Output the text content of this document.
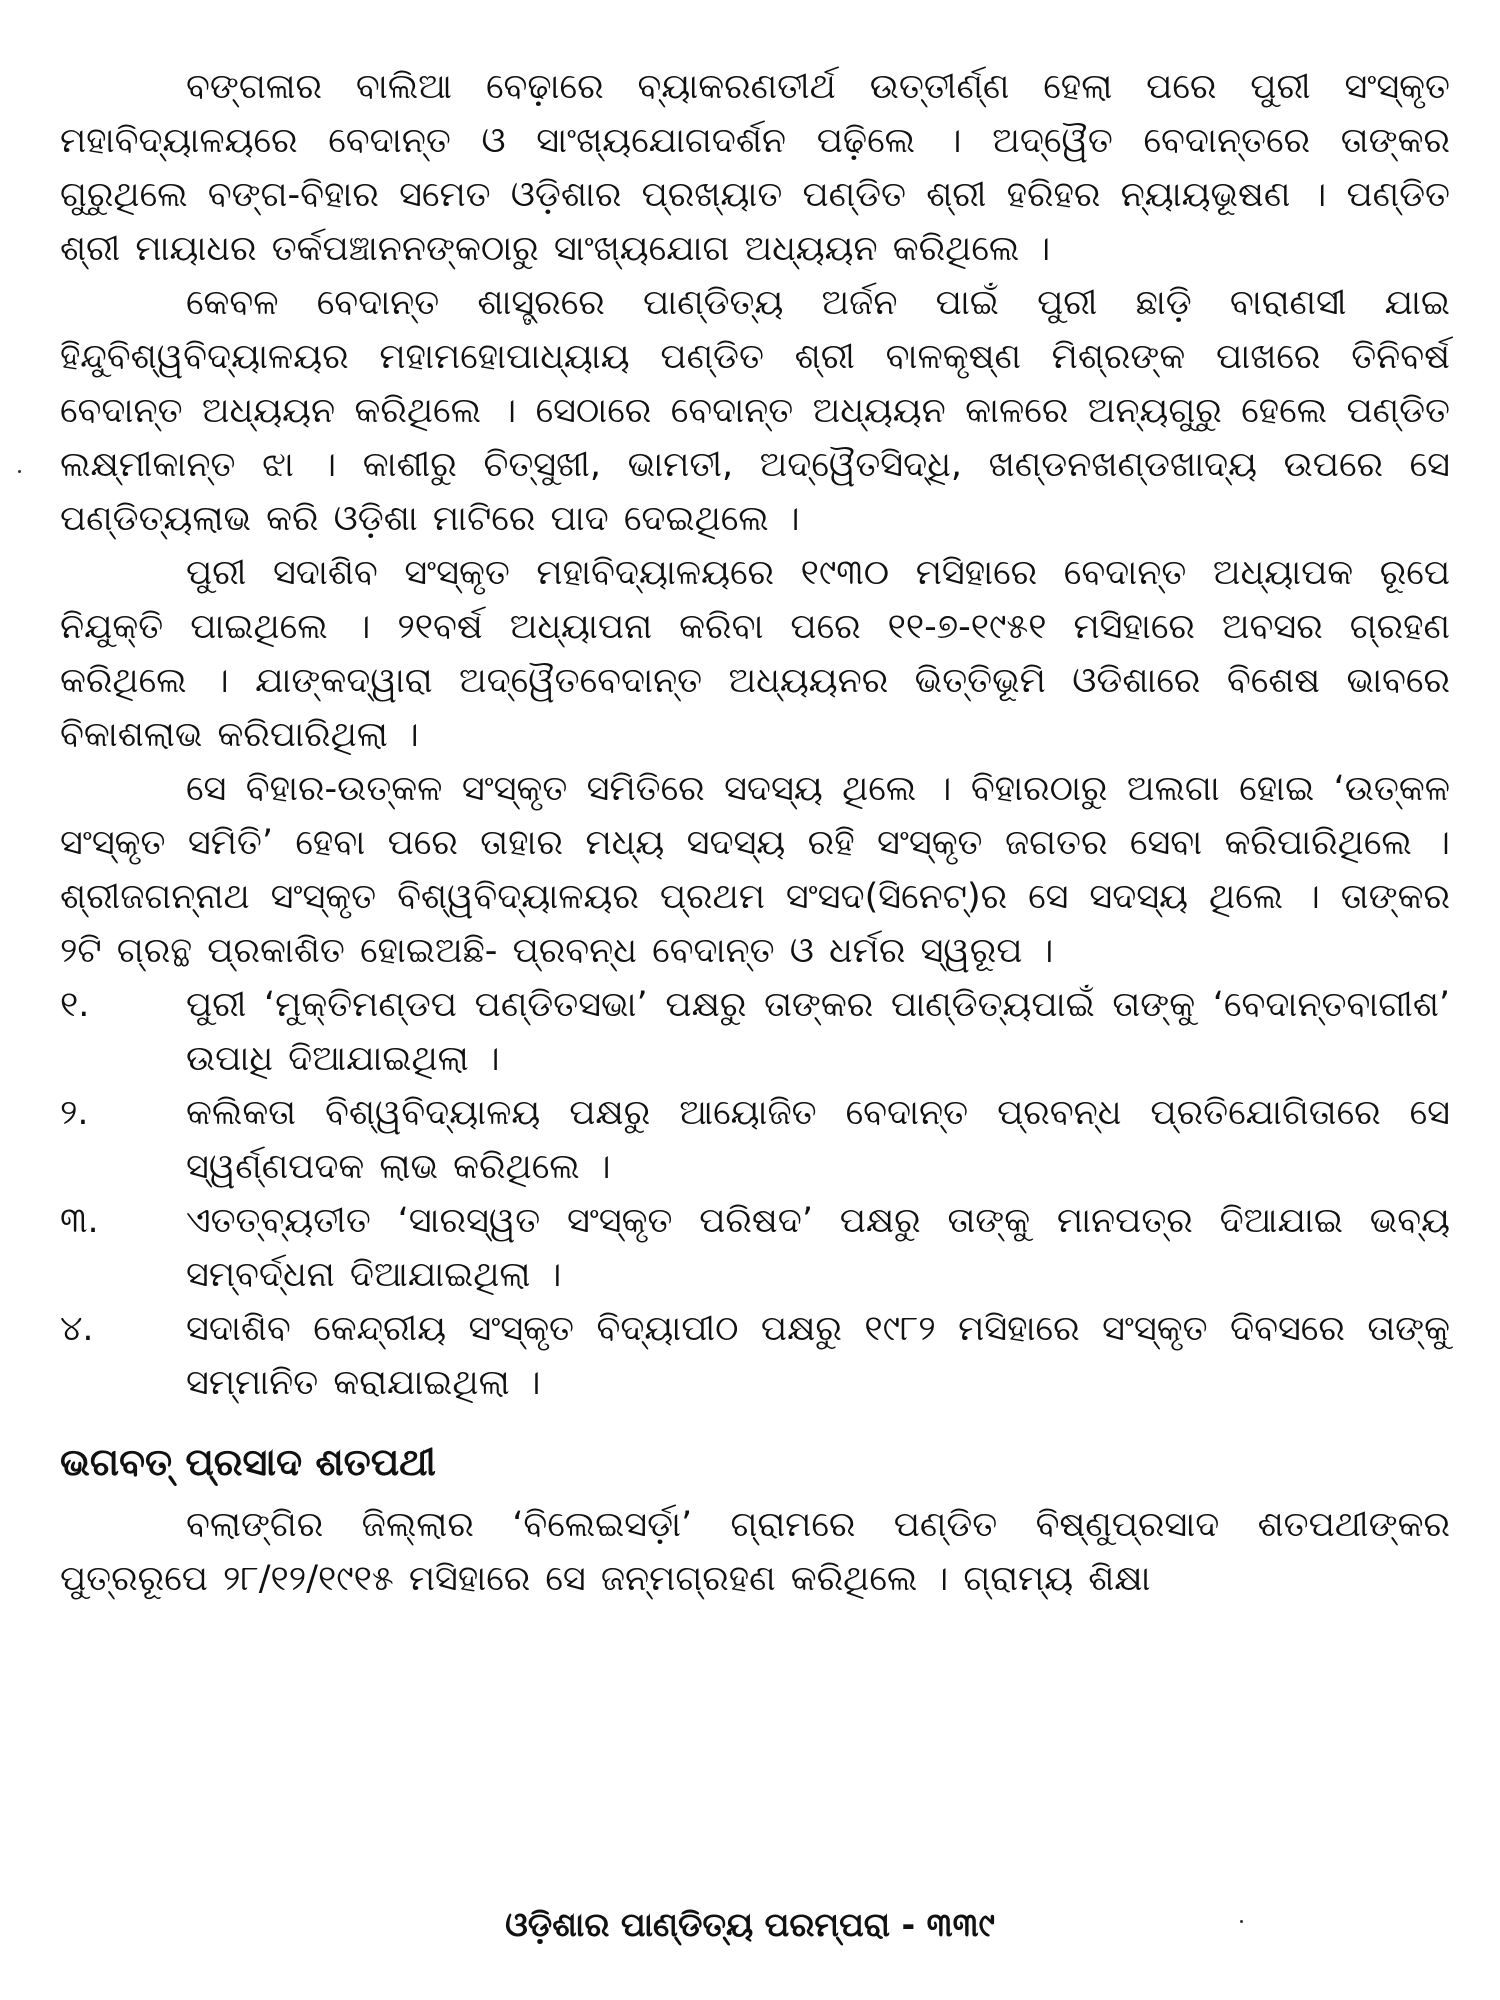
ବଙ୍ଗଳାର ବାଲିଆ ବେଢ଼ାରେ ବ୍ୟାକରଣତୀର୍ଥ ଉତ୍ତୀର୍ଣ୍ଣ ହେଲା ପରେ ପୁରୀ ସଂସ୍କୃତ ମହାବିଦ୍ୟାଳୟରେ ବେଦାନ୍ତ ଓ ସାଂଖ୍ୟଯୋଗଦର୍ଶନ ପଢ଼ିଲେ । ଅଦ୍ୱୈତ ବେଦାନ୍ତରେ ତାଙ୍କର ଗୁରୁଥିଲେ ବଙ୍ଗ-ବିହାର ସମେତ ଓଡ଼ିଶାର ପ୍ରଖ୍ୟାତ ପଣ୍ଡିତ ଶ୍ରୀ ହରିହର ନ୍ୟାୟଭୂଷଣ । ପଣ୍ଡିତ ଶ୍ରୀ ମାୟାଧର ତର୍କପଞ୍ଚାନନଙ୍କଠାରୁ ସାଂଖ୍ୟଯୋଗ ଅଧ୍ୟୟନ କରିଥିଲେ ।

କେବଳ ବେଦାନ୍ତ ଶାସ୍ତ୍ରରେ ପାଣ୍ଡିତ୍ୟ ଅର୍ଜନ ପାଇଁ ପୁରୀ ଛାଡ଼ି ବାରାଣସୀ ଯାଇ ହିନ୍ଦୁବିଶ୍ୱବିଦ୍ୟାଳୟର ମହାମହୋପାଧ୍ୟାୟ ପଣ୍ଡିତ ଶ୍ରୀ ବାଳକୃଷ୍ଣ ମିଶ୍ରଙ୍କ ପାଖରେ ତିନିବର୍ଷ ବେଦାନ୍ତ ଅଧ୍ୟୟନ କରିଥିଲେ । ସେଠାରେ ବେଦାନ୍ତ ଅଧ୍ୟୟନ କାଳରେ ଅନ୍ୟଗୁରୁ ହେଲେ ପଣ୍ଡିତ ଲକ୍ଷ୍ମୀକାନ୍ତ ଝା । କାଶୀରୁ ଚିତ୍‌ସୁଖୀ, ଭାମତୀ, ଅଦ୍ୱୈତସିଦ୍ଧି, ଖଣ୍ଡନଖଣ୍ଡଖାଦ୍ୟ ଉପରେ ସେ ପଣ୍ଡିତ୍ୟଲାଭ କରି ଓଡ଼ିଶା ମାଟିରେ ପାଦ ଦେଇଥିଲେ ।

ପୁରୀ ସଦାଶିବ ସଂସ୍କୃତ ମହାବିଦ୍ୟାଳୟରେ ୧୯୩୦ ମସିହାରେ ବେଦାନ୍ତ ଅଧ୍ୟାପକ ରୂପେ ନିଯୁକ୍ତି ପାଇଥିଲେ । ୨୧ବର୍ଷ ଅଧ୍ୟାପନା କରିବା ପରେ ୧୧-୭-୧୯୫୧ ମସିହାରେ ଅବସର ଗ୍ରହଣ କରିଥିଲେ । ଯାଙ୍କଦ୍ୱାରା ଅଦ୍ୱୈତବେଦାନ୍ତ ଅଧ୍ୟୟନର ଭିତ୍ତିଭୂମି ଓଡିଶାରେ ବିଶେଷ ଭାବରେ ବିକାଶଲାଭ କରିପାରିଥିଲା ।

ସେ ବିହାର-ଉତ୍କଳ ସଂସ୍କୃତ ସମିତିରେ ସଦସ୍ୟ ଥିଲେ । ବିହାରଠାରୁ ଅଲଗା ହୋଇ ‘ଉତ୍କଳ ସଂସ୍କୃତ ସମିତି’ ହେବା ପରେ ତାହାର ମଧ୍ୟ ସଦସ୍ୟ ରହି ସଂସ୍କୃତ ଜଗତର ସେବା କରିପାରିଥିଲେ । ଶ୍ରୀଜଗନ୍ନାଥ ସଂସ୍କୃତ ବିଶ୍ୱବିଦ୍ୟାଳୟର ପ୍ରଥମ ସଂସଦ(ସିନେଟ୍)ର ସେ ସଦସ୍ୟ ଥିଲେ । ତାଙ୍କର ୨ଟି ଗ୍ରନ୍ଥ ପ୍ରକାଶିତ ହୋଇଅଛି- ପ୍ରବନ୍ଧ ବେଦାନ୍ତ ଓ ଧର୍ମର ସ୍ୱରୂପ ।

୧.	ପୁରୀ ‘ମୁକ୍ତିମଣ୍ଡପ ପଣ୍ଡିତସଭା’ ପକ୍ଷରୁ ତାଙ୍କର ପାଣ୍ଡିତ୍ୟପାଇଁ ତାଙ୍କୁ ‘ବେଦାନ୍ତବାଗୀଶ’ ଉପାଧି ଦିଆଯାଇଥିଲା ।
୨.	କଲିକତା ବିଶ୍ୱବିଦ୍ୟାଳୟ ପକ୍ଷରୁ ଆୟୋଜିତ ବେଦାନ୍ତ ପ୍ରବନ୍ଧ ପ୍ରତିଯୋଗିତାରେ ସେ ସ୍ୱର୍ଣ୍ଣପଦକ ଲାଭ କରିଥିଲେ ।
୩.	ଏତତ୍‌ବ୍ୟତୀତ ‘ସାରସ୍ୱତ ସଂସ୍କୃତ ପରିଷଦ’ ପକ୍ଷରୁ ତାଙ୍କୁ ମାନପତ୍ର ଦିଆଯାଇ ଭବ୍ୟ ସମ୍ବର୍ଦ୍ଧନା ଦିଆଯାଇଥିଲା ।
୪.	ସଦାଶିବ କେନ୍ଦ୍ରୀୟ ସଂସ୍କୃତ ବିଦ୍ୟାପୀଠ ପକ୍ଷରୁ ୧୯୮୨ ମସିହାରେ ସଂସ୍କୃତ ଦିବସରେ ତାଙ୍କୁ ସମ୍ମାନିତ କରାଯାଇଥିଲା ।
ଭଗବତ୍ ପ୍ରସାଦ ଶତପଥୀ

ବଲାଙ୍ଗିର ଜିଲ୍ଲାର ‘ବିଲେଇସର୍ଡ଼ା’ ଗ୍ରାମରେ ପଣ୍ଡିତ ବିଷ୍ଣୁପ୍ରସାଦ ଶତପଥୀଙ୍କର ପୁତ୍ରରୂପେ ୨୮/୧୨/୧୯୧୫ ମସିହାରେ ସେ ଜନ୍ମଗ୍ରହଣ କରିଥିଲେ । ଗ୍ରାମ୍ୟ ଶିକ୍ଷା

ଓଡ଼ିଶାର ପାଣ୍ଡିତ୍ୟ ପରମ୍ପରା - ୩୩୯
